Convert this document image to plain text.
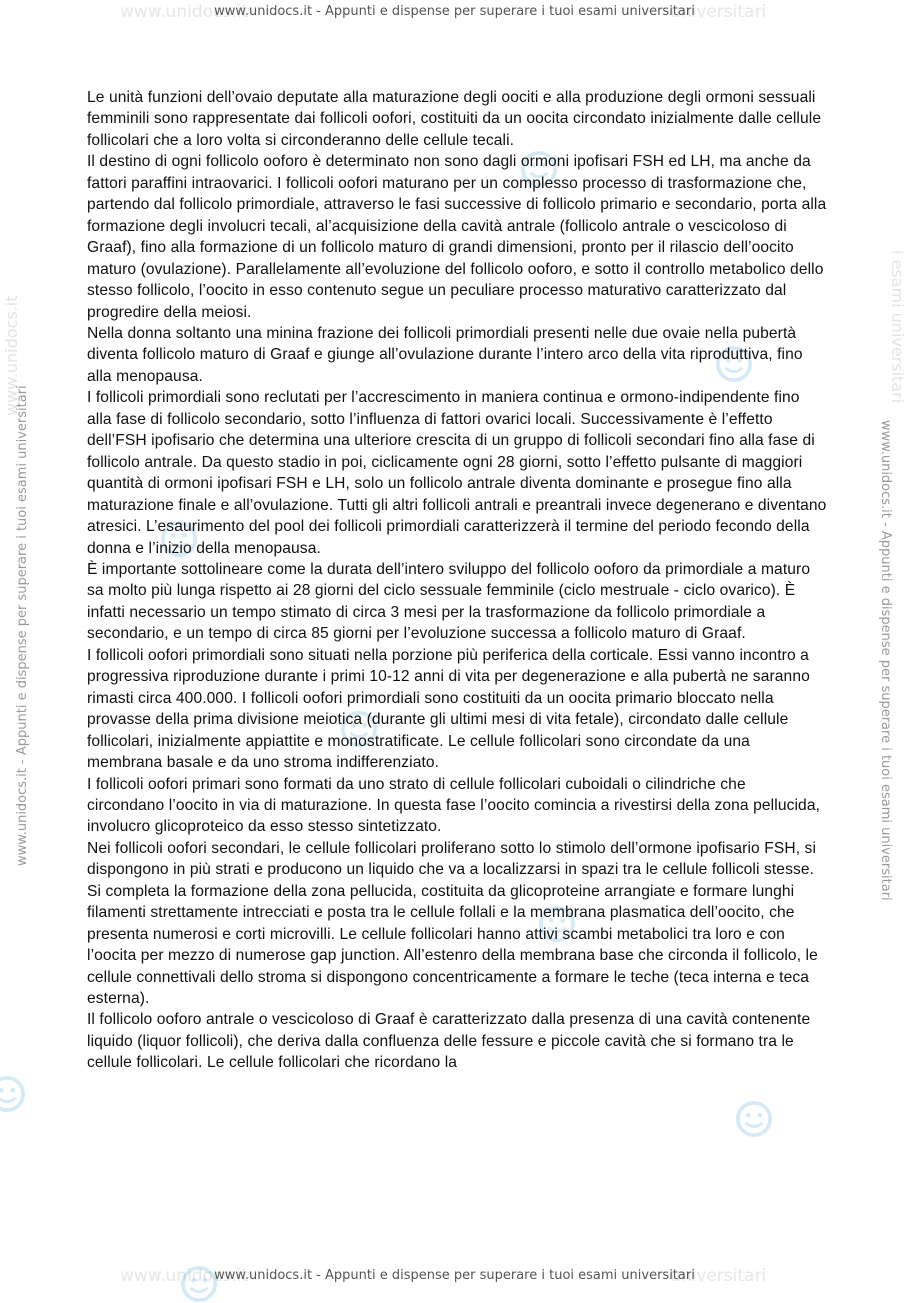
www.unidocs.it	universitari
www.unidocs.it - Appunti e dispense per superare i tuoi esami universitari
www.unidocs.it	universitari
www.unidocs.it - Appunti e dispense per superare i tuoi esami universitari
www.unidocs.it
www.unidocs.it - Appunti e dispense per superare i tuoi esami universitari	www.unidocs.it - Appunti e dispense per superare i tuoi esami universitari
i esami universitari

Le unità funzioni dell’ovaio deputate alla maturazione degli oociti e alla produzione degli ormoni sessuali femminili sono rappresentate dai follicoli oofori, costituiti da un oocita circondato inizialmente dalle cellule follicolari che a loro volta si circonderanno delle cellule tecali.

Il destino di ogni follicolo ooforo è determinato non sono dagli ormoni ipofisari FSH ed LH, ma anche da fattori paraffini intraovarici. I follicoli oofori maturano per un complesso processo di trasformazione che, partendo dal follicolo primordiale, attraverso le fasi successive di follicolo primario e secondario, porta alla formazione degli involucri tecali, al’acquisizione della cavità antrale (follicolo antrale o vescicoloso di Graaf), fino alla formazione di un follicolo maturo di grandi dimensioni, pronto per il rilascio dell’oocito maturo (ovulazione). Parallelamente all’evoluzione del follicolo ooforo, e sotto il controllo metabolico dello stesso follicolo, l’oocito in esso contenuto segue un peculiare processo maturativo caratterizzato dal progredire della meiosi.

Nella donna soltanto una minina frazione dei follicoli primordiali presenti nelle due ovaie nella pubertà diventa follicolo maturo di Graaf e giunge all’ovulazione durante l’intero arco della vita riproduttiva, fino alla menopausa.

I follicoli primordiali sono reclutati per l’accrescimento in maniera continua e ormono-indipendente fino alla fase di follicolo secondario, sotto l’influenza di fattori ovarici locali. Successivamente è l’effetto dell’FSH ipofisario che determina una ulteriore crescita di un gruppo di follicoli secondari fino alla fase di follicolo antrale. Da questo stadio in poi, ciclicamente ogni 28 giorni, sotto l’effetto pulsante di maggiori quantità di ormoni ipofisari FSH e LH, solo un follicolo antrale diventa dominante e prosegue fino alla maturazione finale e all’ovulazione. Tutti gli altri follicoli antrali e preantrali invece degenerano e diventano atresici. L’esaurimento del pool dei follicoli primordiali caratterizzerà il termine del periodo fecondo della donna e l’inizio della menopausa.

È importante sottolineare come la durata dell’intero sviluppo del follicolo ooforo da primordiale a maturo sa molto più lunga rispetto ai 28 giorni del ciclo sessuale femminile (ciclo mestruale - ciclo ovarico). È infatti necessario un tempo stimato di circa 3 mesi per la trasformazione da follicolo primordiale a secondario, e un tempo di circa 85 giorni per l’evoluzione successa a follicolo maturo di Graaf.

I follicoli oofori primordiali sono situati nella porzione più periferica della corticale. Essi vanno incontro a progressiva riproduzione durante i primi 10-12 anni di vita per degenerazione e alla pubertà ne saranno rimasti circa 400.000. I follicoli oofori primordiali sono costituiti da un oocita primario bloccato nella provasse della prima divisione meiotica (durante gli ultimi mesi di vita fetale), circondato dalle cellule follicolari, inizialmente appiattite e monostratificate. Le cellule follicolari sono circondate da una membrana basale e da uno stroma indifferenziato.

I follicoli oofori primari sono formati da uno strato di cellule follicolari cuboidali o cilindriche che circondano l’oocito in via di maturazione. In questa fase l’oocito comincia a rivestirsi della zona pellucida, involucro glicoproteico da esso stesso sintetizzato.

Nei follicoli oofori secondari, le cellule follicolari proliferano sotto lo stimolo dell’ormone ipofisario FSH, si dispongono in più strati e producono un liquido che va a localizzarsi in spazi tra le cellule follicoli stesse. Si completa la formazione della zona pellucida, costituita da glicoproteine arrangiate e formare lunghi filamenti strettamente intrecciati e posta tra le cellule follali e la membrana plasmatica dell’oocito, che presenta numerosi e corti microvilli. Le cellule follicolari hanno attivi scambi metabolici tra loro e con l’oocita per mezzo di numerose gap junction. All’estenro della membrana base che circonda il follicolo, le cellule connettivali dello stroma si dispongono concentricamente a formare le teche (teca interna e teca esterna).

Il follicolo ooforo antrale o vescicoloso di Graaf è caratterizzato dalla presenza di una cavità contenente liquido (liquor follicoli), che deriva dalla confluenza delle fessure e piccole cavità che si formano tra le cellule follicolari. Le cellule follicolari che ricordano la
